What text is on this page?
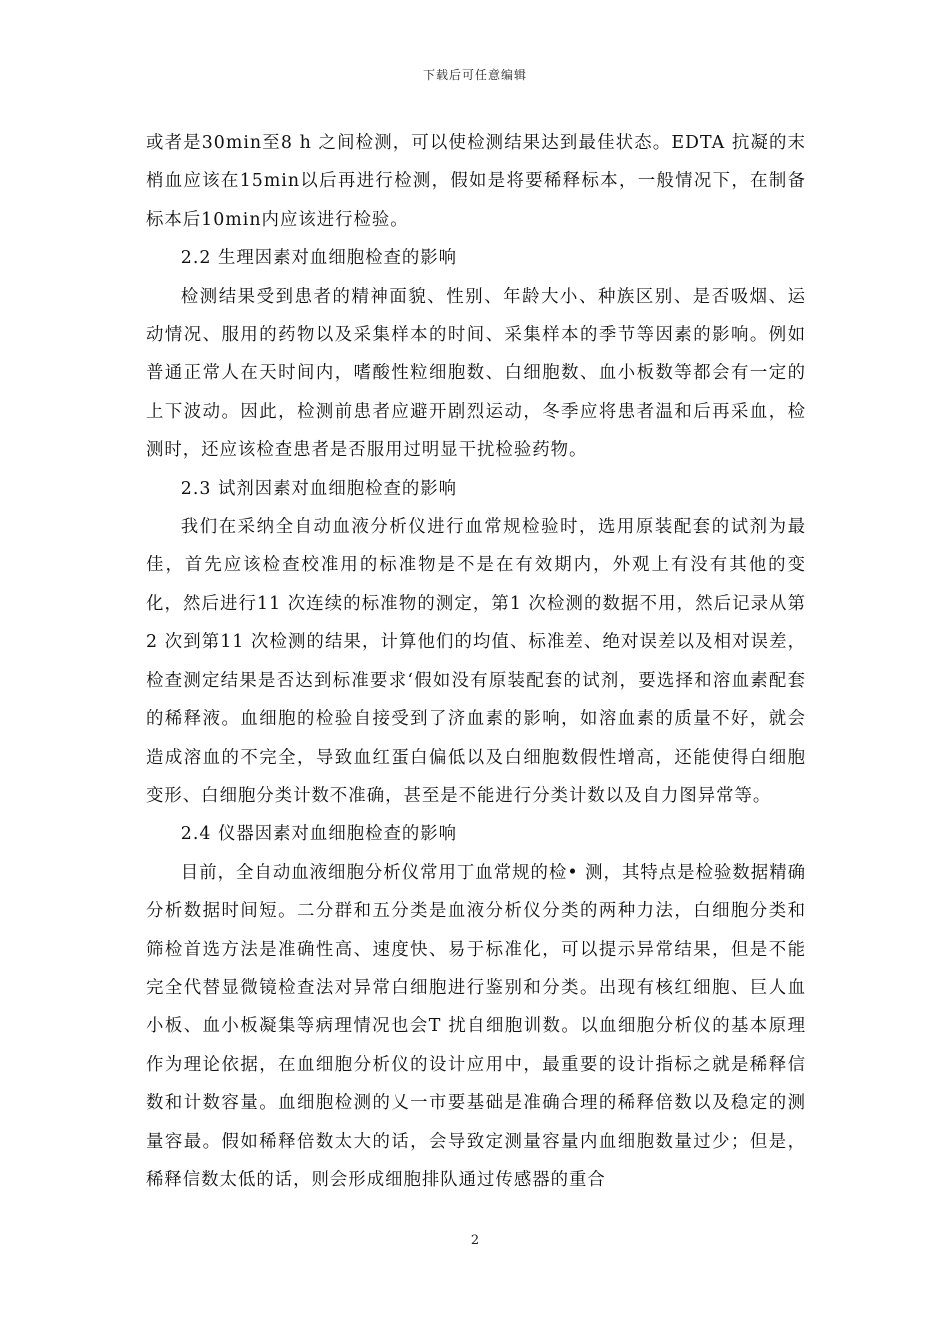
下载后可任意编辑

或者是30min至8 h 之间检测，可以使检测结果达到最佳状态。EDTA 抗凝的末梢血应该在15min以后再进行检测，假如是将要稀释标本，一般情况下，在制备标本后10min内应该进行检验。

2.2 生理因素对血细胞检查的影响

检测结果受到患者的精神面貌、性别、年龄大小、种族区别、是否吸烟、运动情况、服用的药物以及采集样本的时间、采集样本的季节等因素的影响。例如普通正常人在天时间内，嗜酸性粒细胞数、白细胞数、血小板数等都会有一定的上下波动。因此，检测前患者应避开剧烈运动，冬季应将患者温和后再采血，检测时，还应该检查患者是否服用过明显干扰检验药物。

2.3 试剂因素对血细胞检查的影响

我们在采纳全自动血液分析仪进行血常规检验时，选用原装配套的试剂为最佳，首先应该检查校准用的标准物是不是在有效期内，外观上有没有其他的变化，然后进行11 次连续的标准物的测定，第1 次检测的数据不用，然后记录从第2 次到第11 次检测的结果，计算他们的均值、标准差、绝对误差以及相对误差，检查测定结果是否达到标准要求‘假如没有原装配套的试剂，要选择和溶血素配套的稀释液。血细胞的检验自接受到了济血素的影响，如溶血素的质量不好，就会造成溶血的不完全，导致血红蛋白偏低以及白细胞数假性增高，还能使得白细胞变形、白细胞分类计数不准确，甚至是不能进行分类计数以及自力图异常等。

2.4 仪器因素对血细胞检查的影响

目前，全自动血液细胞分析仪常用丁血常规的检• 测，其特点是检验数据精确分析数据时间短。二分群和五分类是血液分析仪分类的两种力法，白细胞分类和筛检首选方法是准确性高、速度快、易于标准化，可以提示异常结果，但是不能完全代替显微镜检查法对异常白细胞进行鉴别和分类。出现有核红细胞、巨人血小板、血小板凝集等病理情况也会T 扰自细胞训数。以血细胞分析仪的基本原理作为理论依据，在血细胞分析仪的设计应用中，最重要的设计指标之就是稀释信数和计数容量。血细胞检测的乂一市要基础是准确合理的稀释倍数以及稳定的测量容最。假如稀释倍数太大的话，会导致定测量容量内血细胞数量过少；但是，稀释信数太低的话，则会形成细胞排队通过传感器的重合

2
